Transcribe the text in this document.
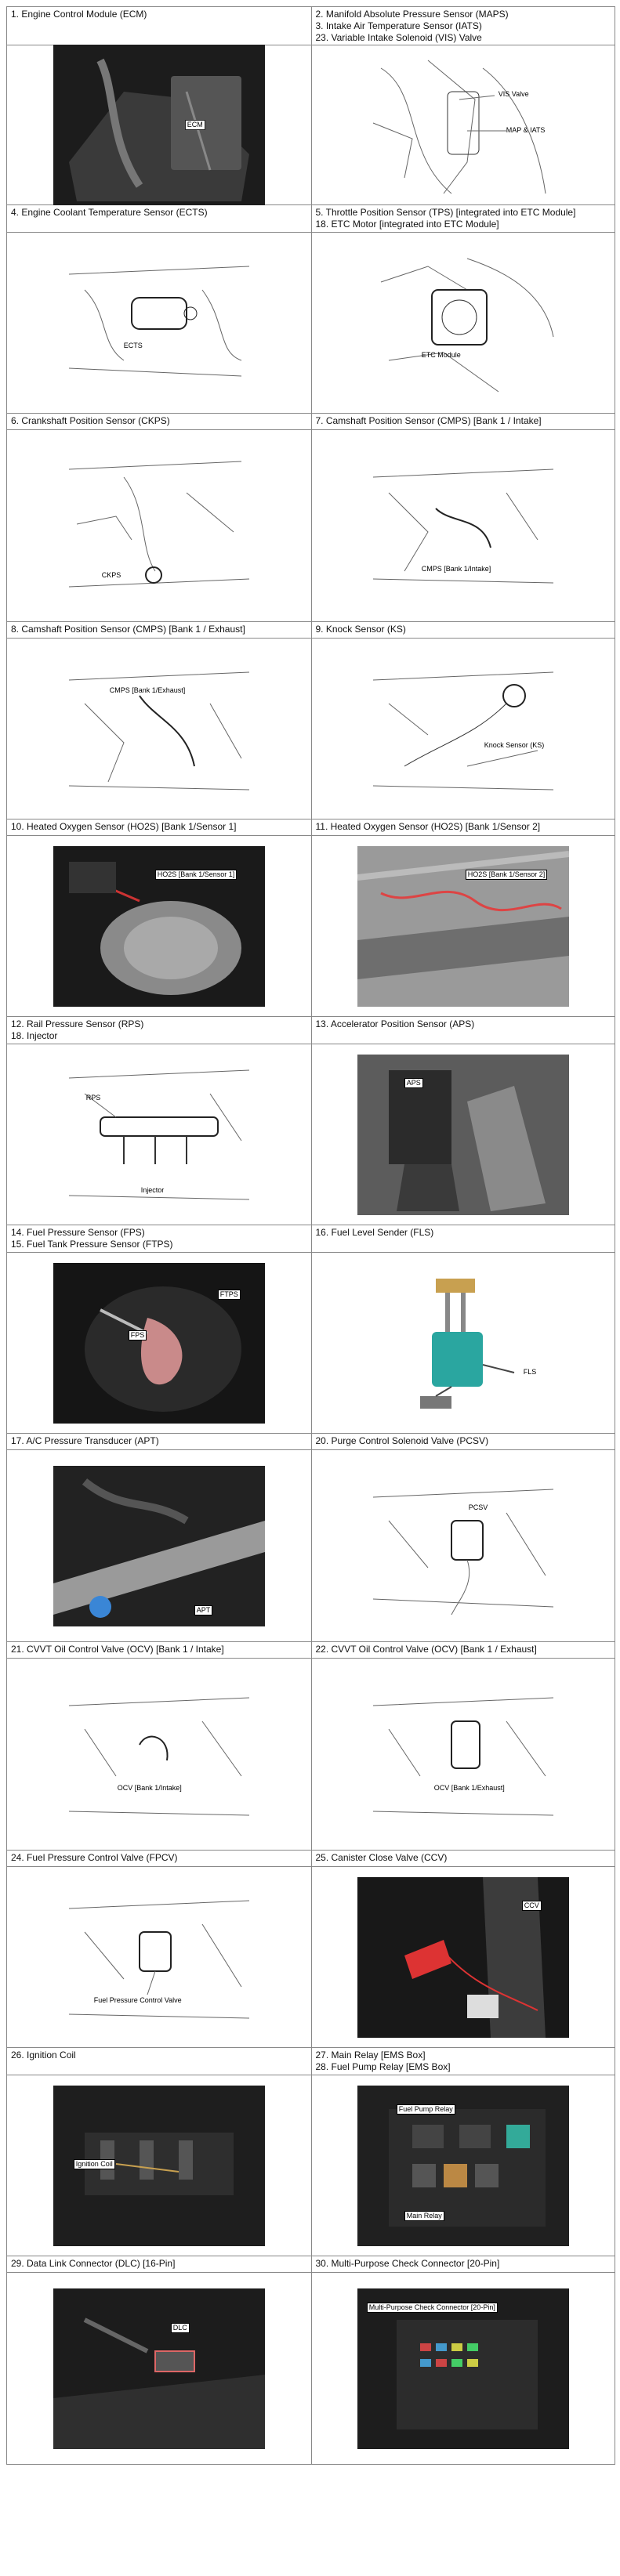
1. Engine Control Module (ECM)
ECM
2. Manifold Absolute Pressure Sensor (MAPS)
3. Intake Air Temperature Sensor (IATS)
23. Variable Intake Solenoid (VIS) Valve
VIS Valve
MAP & IATS
4. Engine Coolant Temperature Sensor (ECTS)
ECTS
5. Throttle Position Sensor (TPS) [integrated into ETC Module]
18. ETC Motor [integrated into ETC Module]
ETC Module
6. Crankshaft Position Sensor (CKPS)
CKPS
7. Camshaft Position Sensor (CMPS) [Bank 1 / Intake]
CMPS [Bank 1/Intake]
8. Camshaft Position Sensor (CMPS) [Bank 1 / Exhaust]
CMPS [Bank 1/Exhaust]
9. Knock Sensor (KS)
Knock Sensor (KS)
10. Heated Oxygen Sensor (HO2S) [Bank 1/Sensor 1]
HO2S [Bank 1/Sensor 1]
11. Heated Oxygen Sensor (HO2S) [Bank 1/Sensor 2]
HO2S [Bank 1/Sensor 2]
12. Rail Pressure Sensor (RPS)
18. Injector
RPS
Injector
13. Accelerator Position Sensor (APS)
APS
14. Fuel Pressure Sensor (FPS)
15. Fuel Tank Pressure Sensor (FTPS)
FTPS
FPS
16. Fuel Level Sender (FLS)
FLS
17. A/C Pressure Transducer (APT)
APT
20. Purge Control Solenoid Valve (PCSV)
PCSV
21. CVVT Oil Control Valve (OCV) [Bank 1 / Intake]
OCV [Bank 1/Intake]
22. CVVT Oil Control Valve (OCV) [Bank 1 / Exhaust]
OCV [Bank 1/Exhaust]
24. Fuel Pressure Control Valve (FPCV)
Fuel Pressure Control Valve
25. Canister Close Valve (CCV)
CCV
26. Ignition Coil
Ignition Coil
27. Main Relay [EMS Box]
28. Fuel Pump Relay [EMS Box]
Fuel Pump Relay
Main Relay
29. Data Link Connector (DLC) [16-Pin]
DLC
30. Multi-Purpose Check Connector [20-Pin]
Multi-Purpose Check Connector [20-Pin]
